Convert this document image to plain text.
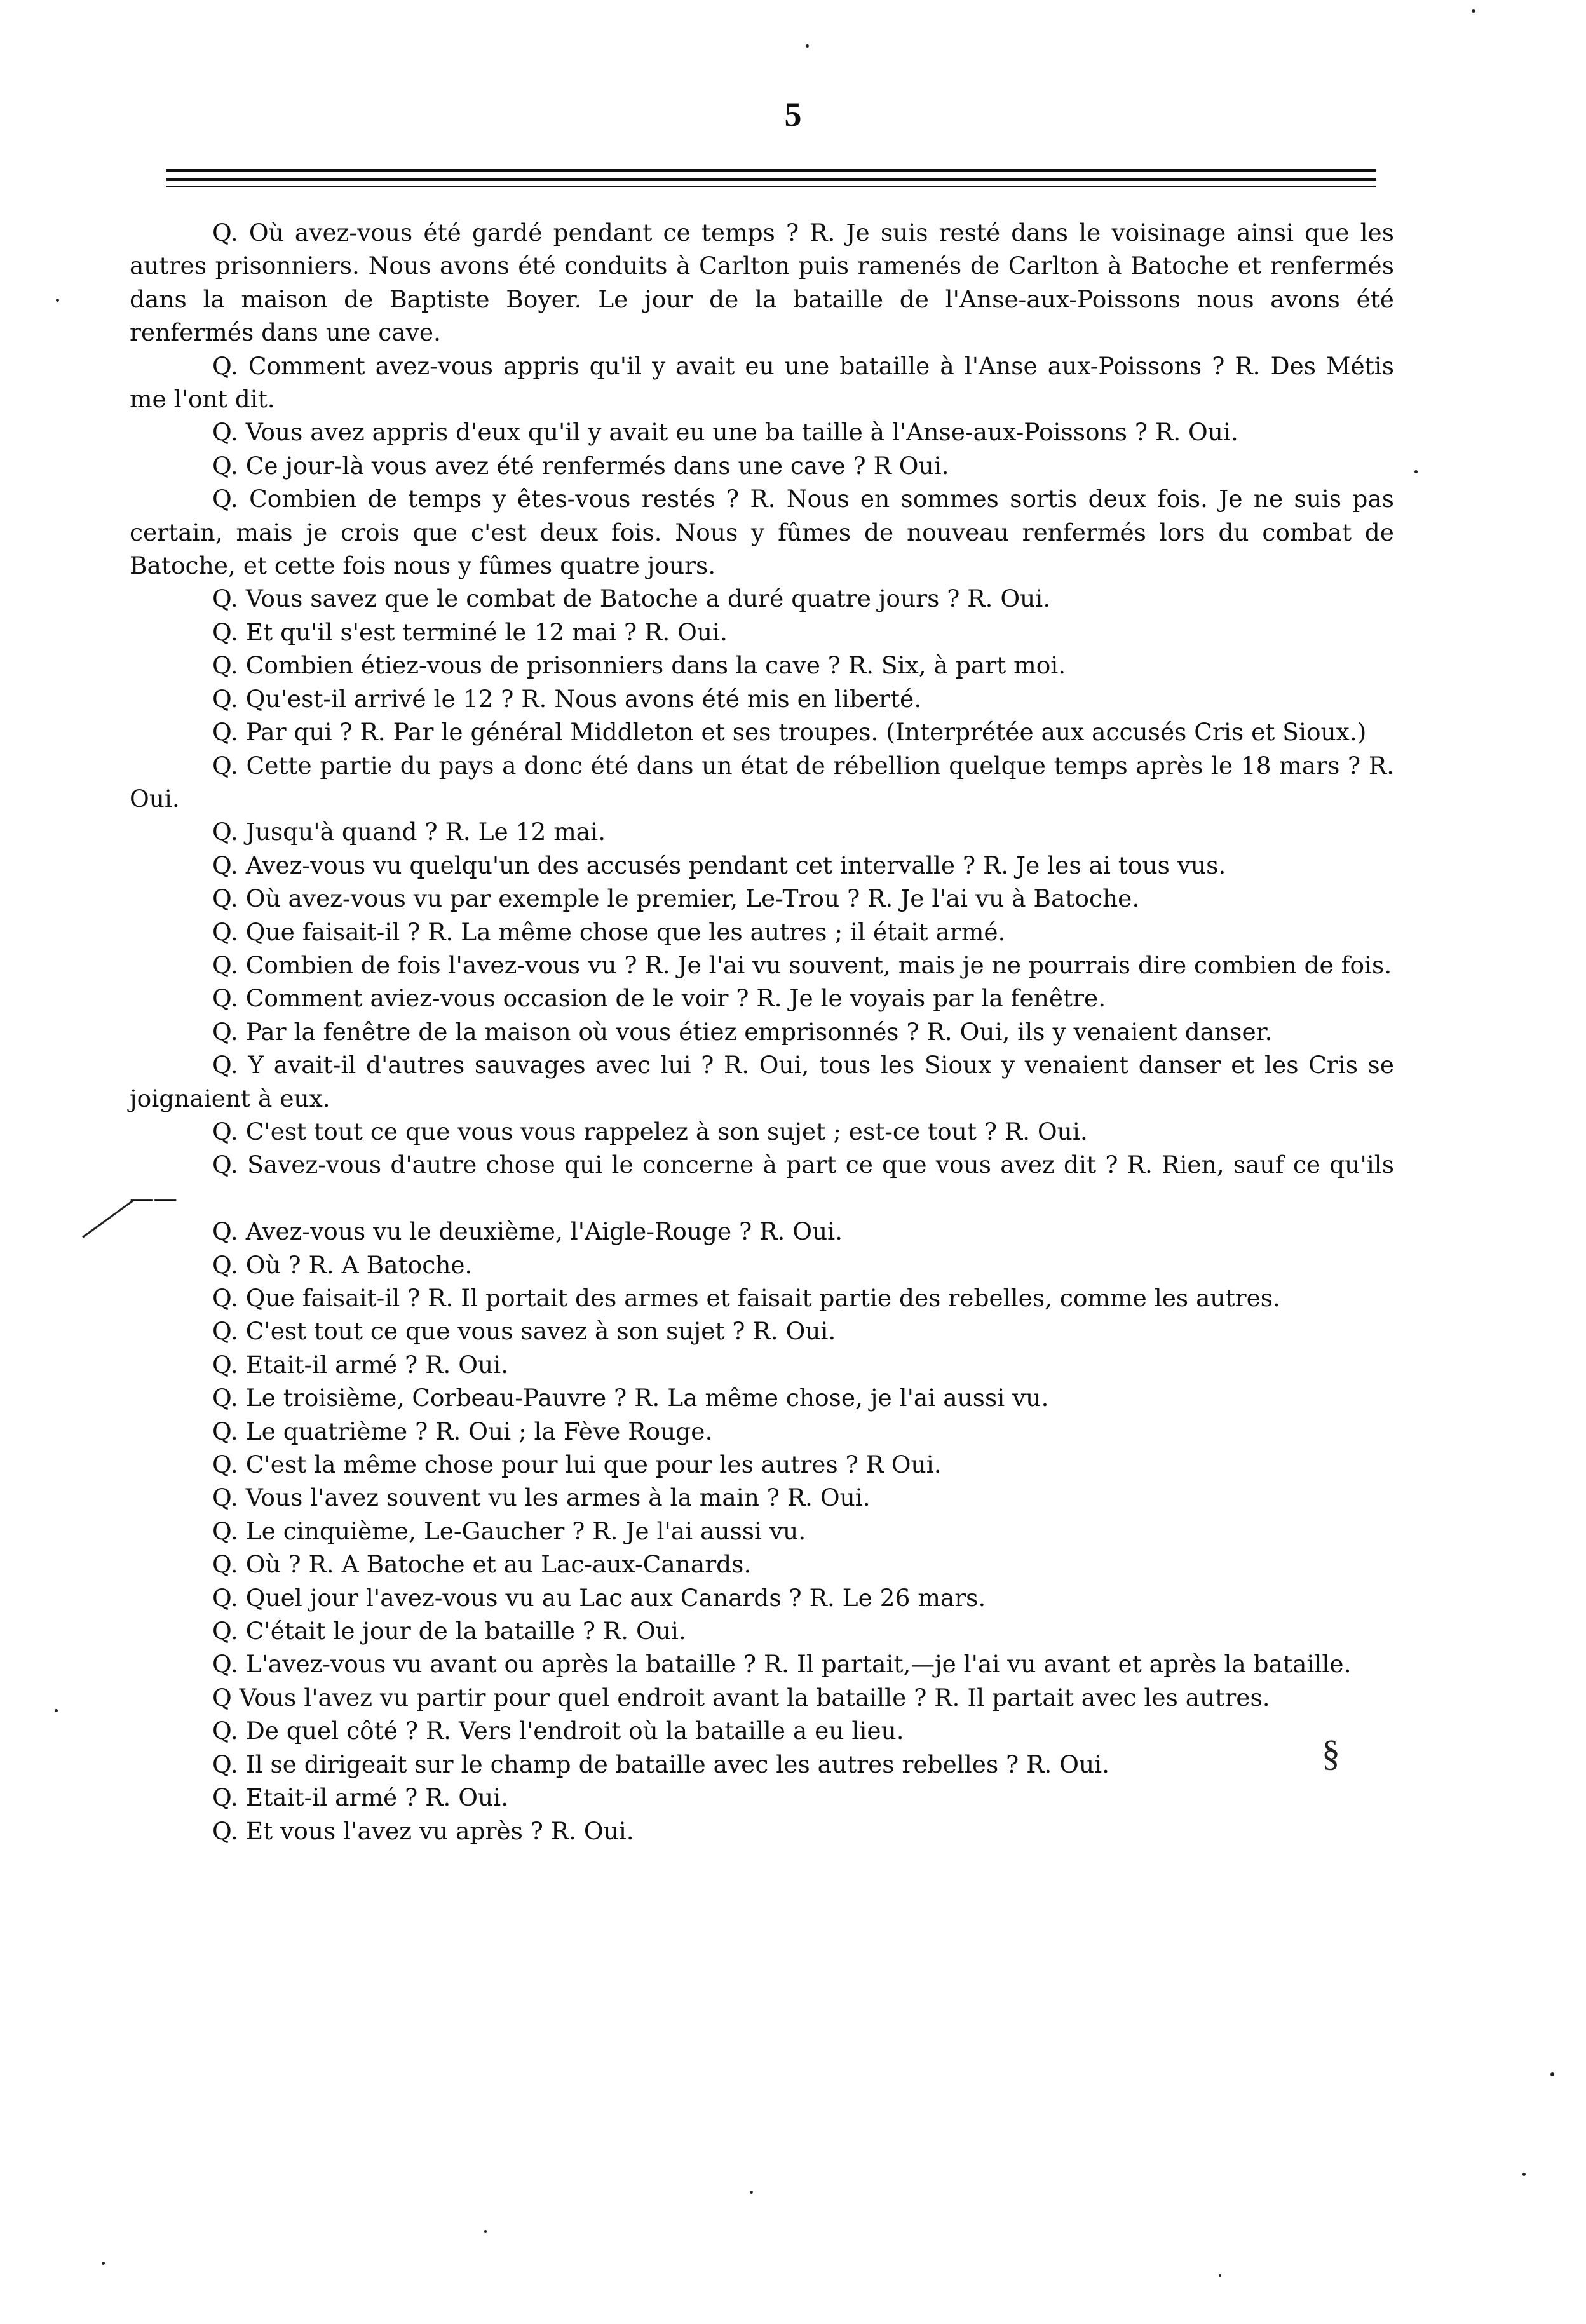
5

Q. Où avez-vous été gardé pendant ce temps ? R. Je suis resté dans le voisinage ainsi que les autres prisonniers. Nous avons été conduits à Carlton puis ramenés de Carlton à Batoche et renfermés dans la maison de Baptiste Boyer. Le jour de la bataille de l'Anse-aux-Poissons nous avons été renfermés dans une cave.

Q. Comment avez-vous appris qu'il y avait eu une bataille à l'Anse aux-Poissons ? R. Des Métis me l'ont dit.

Q. Vous avez appris d'eux qu'il y avait eu une ba taille à l'Anse-aux-Poissons ? R. Oui.

Q. Ce jour-là vous avez été renfermés dans une cave ? R Oui.

Q. Combien de temps y êtes-vous restés ? R. Nous en sommes sortis deux fois. Je ne suis pas certain, mais je crois que c'est deux fois. Nous y fûmes de nouveau renfermés lors du combat de Batoche, et cette fois nous y fûmes quatre jours.

Q. Vous savez que le combat de Batoche a duré quatre jours ? R. Oui.

Q. Et qu'il s'est terminé le 12 mai ? R. Oui.

Q. Combien étiez-vous de prisonniers dans la cave ? R. Six, à part moi.

Q. Qu'est-il arrivé le 12 ? R. Nous avons été mis en liberté.

Q. Par qui ? R. Par le général Middleton et ses troupes. (Interprétée aux accusés Cris et Sioux.)

Q. Cette partie du pays a donc été dans un état de rébellion quelque temps après le 18 mars ? R. Oui.

Q. Jusqu'à quand ? R. Le 12 mai.

Q. Avez-vous vu quelqu'un des accusés pendant cet intervalle ? R. Je les ai tous vus.

Q. Où avez-vous vu par exemple le premier, Le-Trou ? R. Je l'ai vu à Batoche.

Q. Que faisait-il ? R. La même chose que les autres ; il était armé.

Q. Combien de fois l'avez-vous vu ? R. Je l'ai vu souvent, mais je ne pourrais dire combien de fois.

Q. Comment aviez-vous occasion de le voir ? R. Je le voyais par la fenêtre.

Q. Par la fenêtre de la maison où vous étiez emprisonnés ? R. Oui, ils y venaient danser.

Q. Y avait-il d'autres sauvages avec lui ? R. Oui, tous les Sioux y venaient danser et les Cris se joignaient à eux.

Q. C'est tout ce que vous vous rappelez à son sujet ; est-ce tout ? R. Oui.

Q. Savez-vous d'autre chose qui le concerne à part ce que vous avez dit ? R. Rien, sauf ce qu'ils——

Q. Avez-vous vu le deuxième, l'Aigle-Rouge ? R. Oui.

Q. Où ? R. A Batoche.

Q. Que faisait-il ? R. Il portait des armes et faisait partie des rebelles, comme les autres.

Q. C'est tout ce que vous savez à son sujet ? R. Oui.

Q. Etait-il armé ? R. Oui.

Q. Le troisième, Corbeau-Pauvre ? R. La même chose, je l'ai aussi vu.

Q. Le quatrième ? R. Oui ; la Fève Rouge.

Q. C'est la même chose pour lui que pour les autres ? R Oui.

Q. Vous l'avez souvent vu les armes à la main ? R. Oui.

Q. Le cinquième, Le-Gaucher ? R. Je l'ai aussi vu.

Q. Où ? R. A Batoche et au Lac-aux-Canards.

Q. Quel jour l'avez-vous vu au Lac aux Canards ? R. Le 26 mars.

Q. C'était le jour de la bataille ? R. Oui.

Q. L'avez-vous vu avant ou après la bataille ? R. Il partait,—je l'ai vu avant et après la bataille.

Q Vous l'avez vu partir pour quel endroit avant la bataille ? R. Il partait avec les autres.

Q. De quel côté ? R. Vers l'endroit où la bataille a eu lieu.

Q. Il se dirigeait sur le champ de bataille avec les autres rebelles ? R. Oui.

Q. Etait-il armé ? R. Oui.

Q. Et vous l'avez vu après ? R. Oui.

§
